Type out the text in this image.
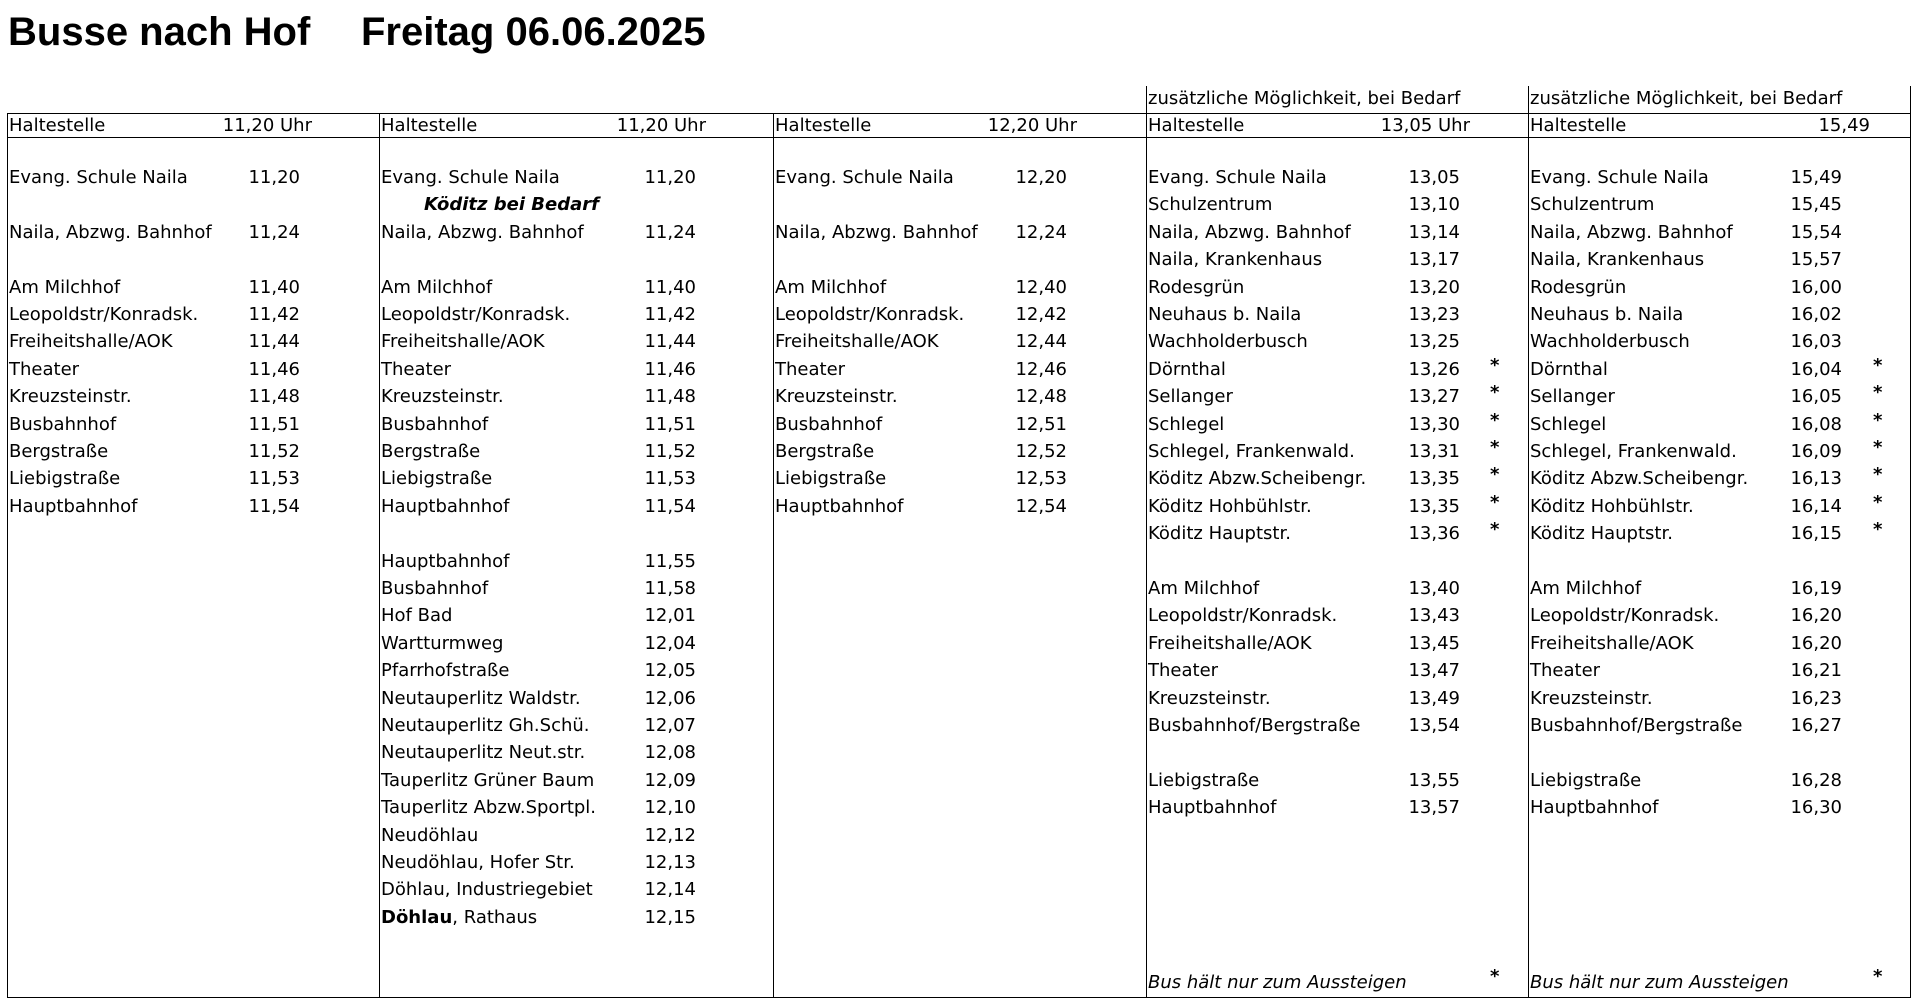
Busse nach Hof Freitag 06.06.2025
Haltestelle	11,20 Uhr
Evang. Schule Naila	11,20
Naila, Abzwg. Bahnhof	11,24
Am Milchhof	11,40
Leopoldstr/Konradsk.	11,42
Freiheitshalle/AOK	11,44
Theater	11,46
Kreuzsteinstr.	11,48
Busbahnhof	11,51
Bergstraße	11,52
Liebigstraße	11,53
Hauptbahnhof	11,54
Haltestelle	11,20 Uhr
Köditz bei Bedarf
Evang. Schule Naila	11,20
Naila, Abzwg. Bahnhof	11,24
Am Milchhof	11,40
Leopoldstr/Konradsk.	11,42
Freiheitshalle/AOK	11,44
Theater	11,46
Kreuzsteinstr.	11,48
Busbahnhof	11,51
Bergstraße	11,52
Liebigstraße	11,53
Hauptbahnhof	11,54
Hauptbahnhof	11,55
Busbahnhof	11,58
Hof Bad	12,01
Wartturmweg	12,04
Pfarrhofstraße	12,05
Neutauperlitz Waldstr.	12,06
Neutauperlitz Gh.Schü.	12,07
Neutauperlitz Neut.str.	12,08
Tauperlitz Grüner Baum	12,09
Tauperlitz Abzw.Sportpl.	12,10
Neudöhlau	12,12
Neudöhlau, Hofer Str.	12,13
Döhlau, Industriegebiet	12,14
Döhlau, Rathaus	12,15
Haltestelle	12,20 Uhr
Evang. Schule Naila	12,20
Naila, Abzwg. Bahnhof	12,24
Am Milchhof	12,40
Leopoldstr/Konradsk.	12,42
Freiheitshalle/AOK	12,44
Theater	12,46
Kreuzsteinstr.	12,48
Busbahnhof	12,51
Bergstraße	12,52
Liebigstraße	12,53
Hauptbahnhof	12,54
zusätzliche Möglichkeit, bei Bedarf
Haltestelle	13,05 Uhr
Evang. Schule Naila	13,05
Schulzentrum	13,10
Naila, Abzwg. Bahnhof	13,14
Naila, Krankenhaus	13,17
Rodesgrün	13,20
Neuhaus b. Naila	13,23
Wachholderbusch	13,25
Dörnthal	13,26 *
Sellanger	13,27 *
Schlegel	13,30 *
Schlegel, Frankenwald.	13,31 *
Köditz Abzw.Scheibengr.	13,35 *
Köditz Hohbühlstr.	13,35 *
Köditz Hauptstr.	13,36 *
Am Milchhof	13,40
Leopoldstr/Konradsk.	13,43
Freiheitshalle/AOK	13,45
Theater	13,47
Kreuzsteinstr.	13,49
Busbahnhof/Bergstraße	13,54
Liebigstraße	13,55
Hauptbahnhof	13,57
Bus hält nur zum Aussteigen	*
zusätzliche Möglichkeit, bei Bedarf
Haltestelle	15,49
Evang. Schule Naila	15,49
Schulzentrum	15,45
Naila, Abzwg. Bahnhof	15,54
Naila, Krankenhaus	15,57
Rodesgrün	16,00
Neuhaus b. Naila	16,02
Wachholderbusch	16,03
Dörnthal	16,04 *
Sellanger	16,05 *
Schlegel	16,08 *
Schlegel, Frankenwald.	16,09 *
Köditz Abzw.Scheibengr.	16,13 *
Köditz Hohbühlstr.	16,14 *
Köditz Hauptstr.	16,15 *
Am Milchhof	16,19
Leopoldstr/Konradsk.	16,20
Freiheitshalle/AOK	16,20
Theater	16,21
Kreuzsteinstr.	16,23
Busbahnhof/Bergstraße	16,27
Liebigstraße	16,28
Hauptbahnhof	16,30
Bus hält nur zum Aussteigen	*
